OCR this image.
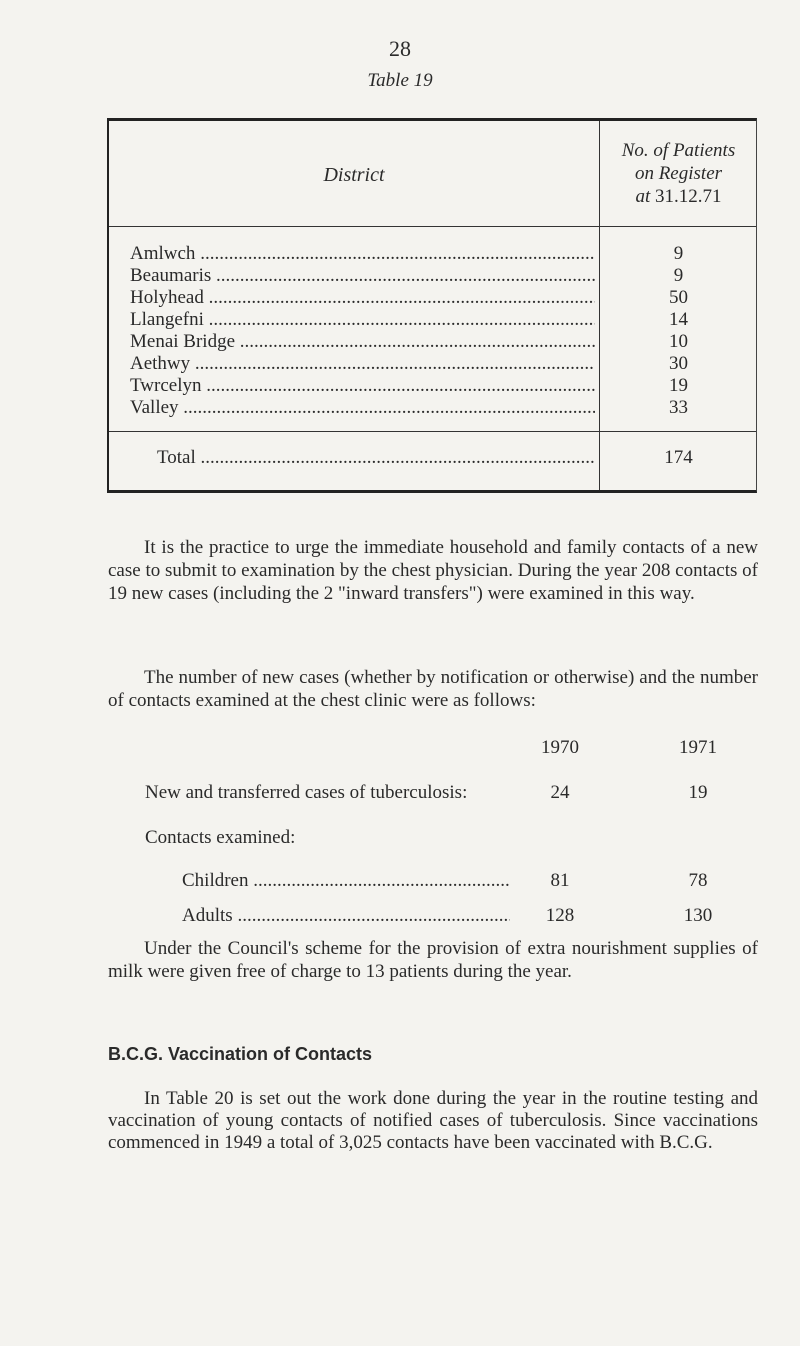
28
Table 19
District
No. of Patients
on Register
at 31.12.71
Amlwch .....	9
Beaumaris .....	9
Holyhead .....	50
Llangefni .....	14
Menai Bridge .....	10
Aethwy .....	30
Twrcelyn .....	19
Valley .....	33
Total .....	174
It is the practice to urge the immediate household and family contacts of a new case to submit to examination by the chest physician. During the year 208 contacts of 19 new cases (including the 2 "inward transfers") were examined in this way.
The number of new cases (whether by notification or otherwise) and the number of contacts examined at the chest clinic were as follows:
1970	1971
New and transferred cases of tuberculosis:	24	19
Contacts examined:
Children .....	81	78
Adults .....	128	130
Under the Council's scheme for the provision of extra nourishment supplies of milk were given free of charge to 13 patients during the year.
B.C.G. Vaccination of Contacts
In Table 20 is set out the work done during the year in the routine testing and vaccination of young contacts of notified cases of tuberculosis. Since vaccinations commenced in 1949 a total of 3,025 contacts have been vaccinated with B.C.G.
